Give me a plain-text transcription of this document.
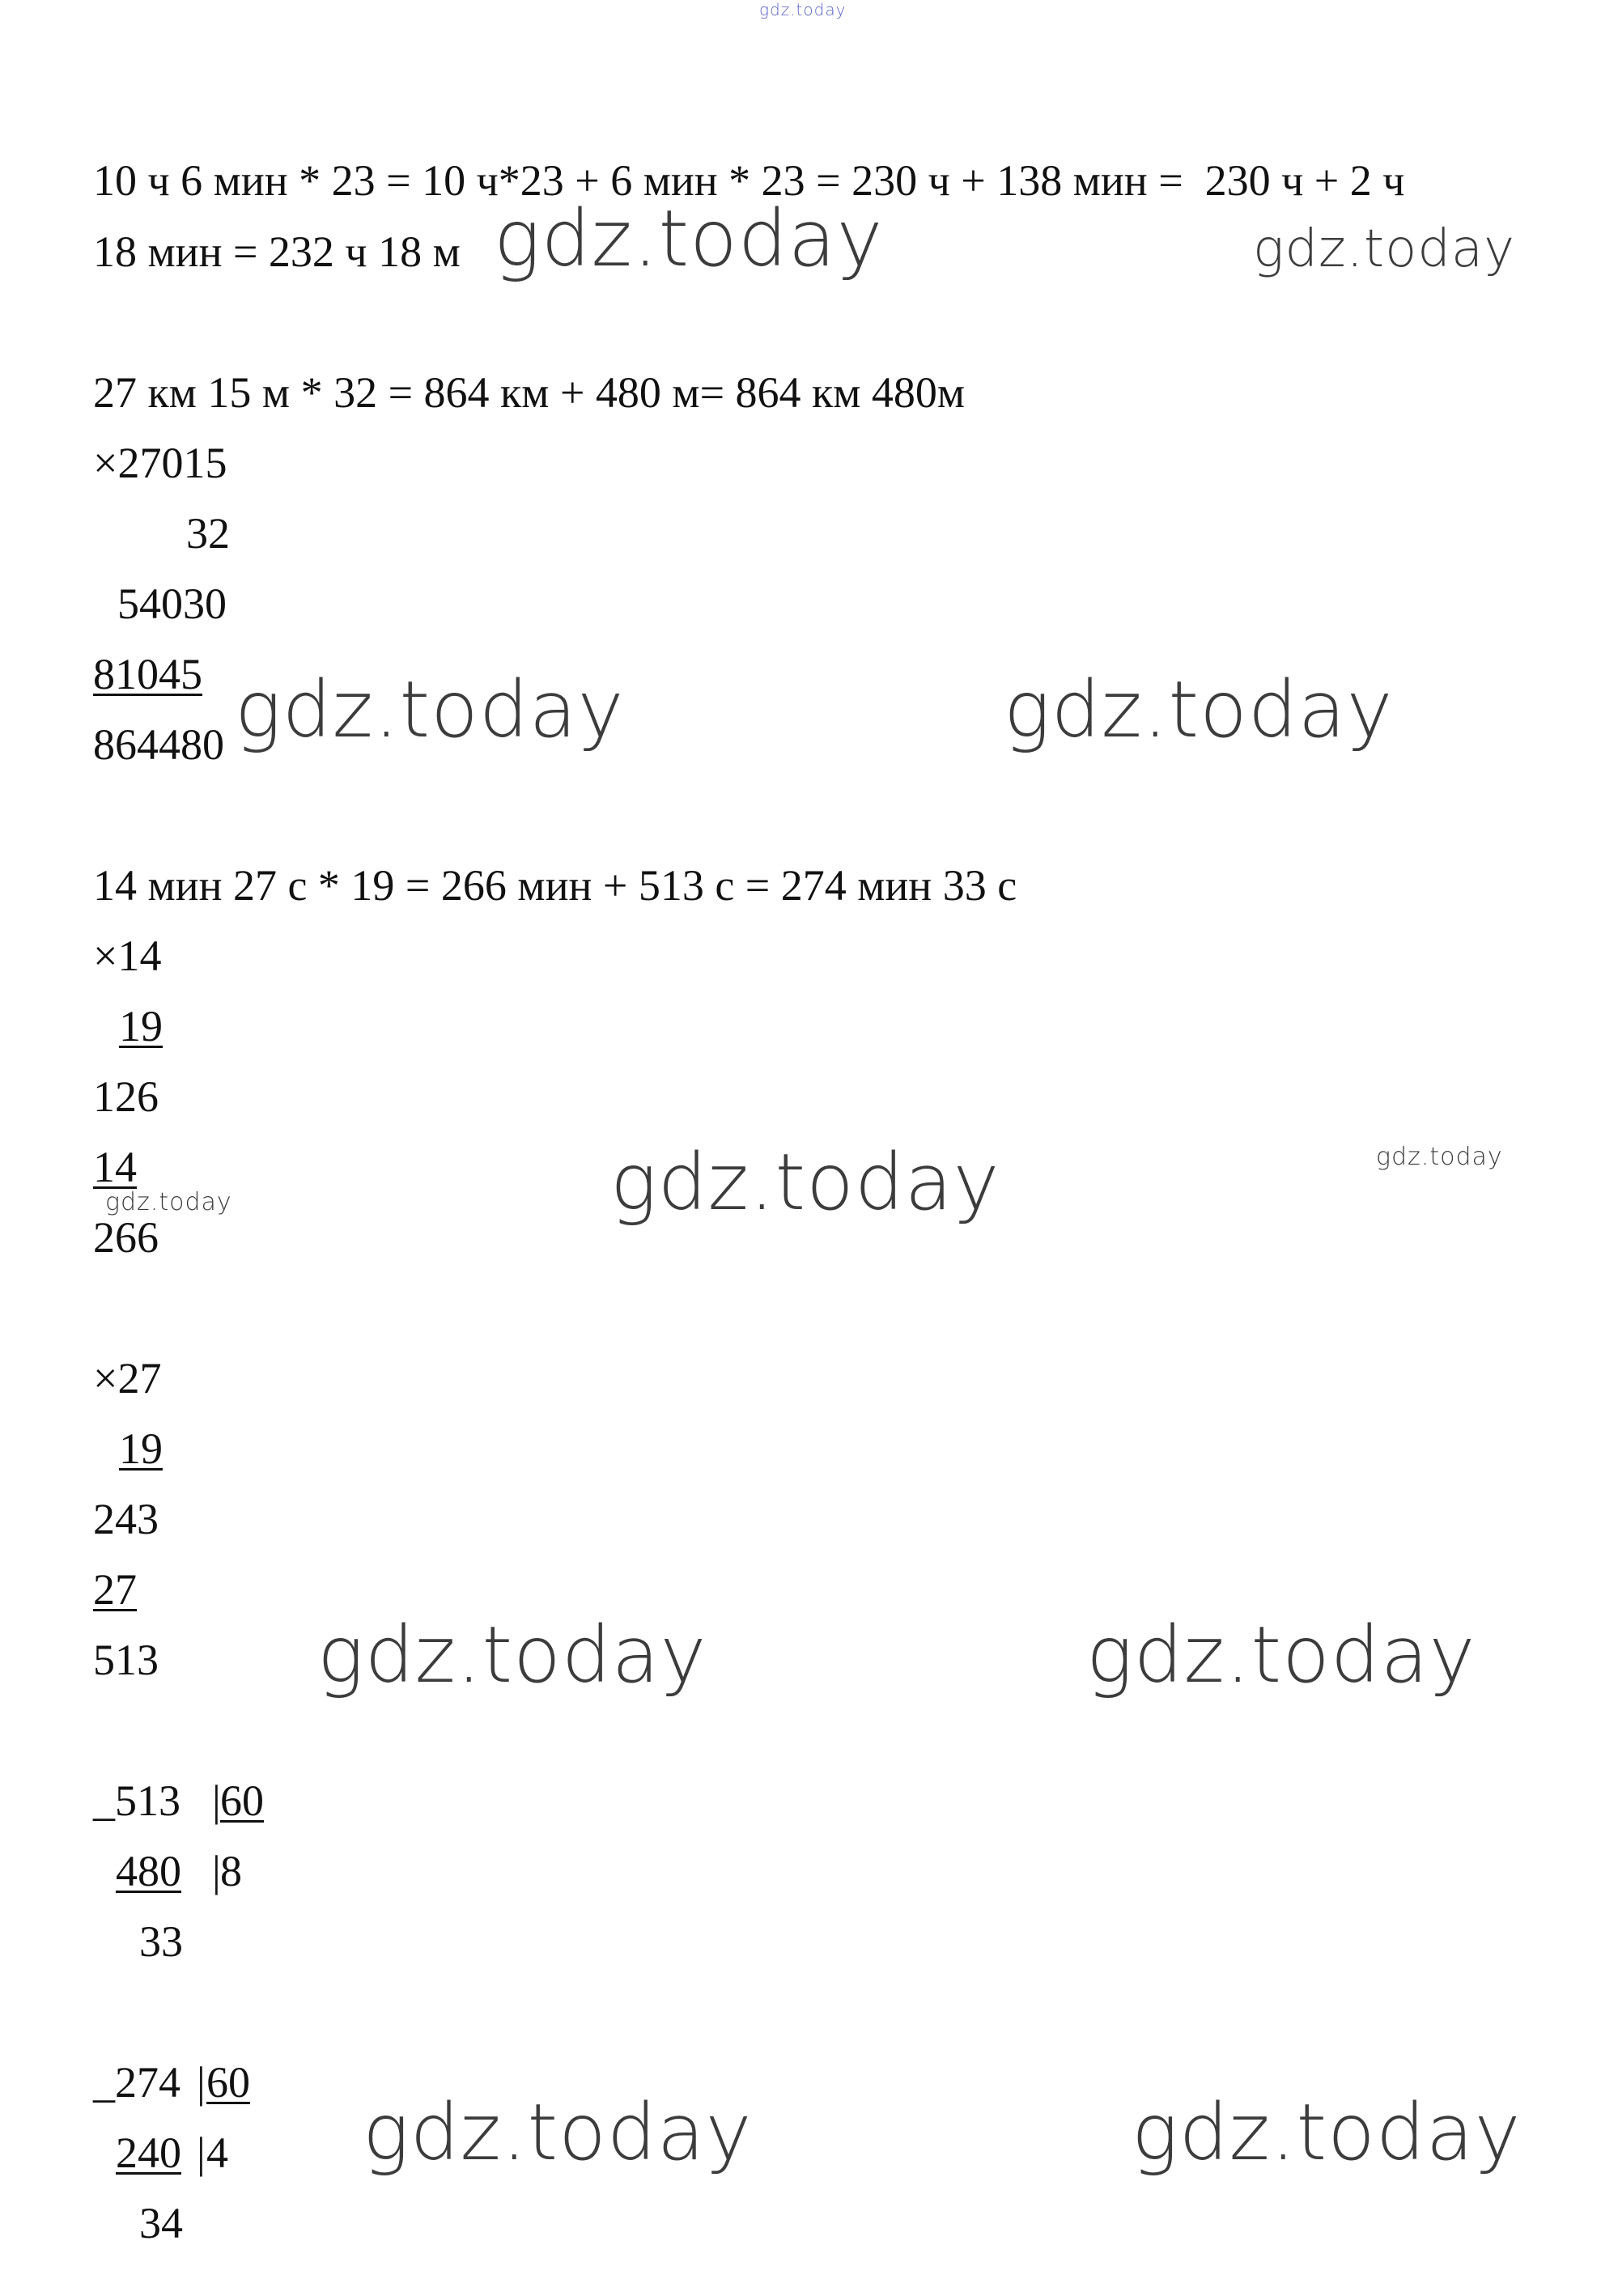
gdz.today
10 ч 6 мин * 23 = 10 ч*23 + 6 мин * 23 = 230 ч + 138 мин =  230 ч + 2 ч
18 мин = 232 ч 18 м gdz.today	gdz.today
27 км 15 м * 32 = 864 км + 480 м= 864 км 480м
×27015
32
54030
81045
864480 gdz.today	gdz.today
14 мин 27 с * 19 = 266 мин + 513 с = 274 мин 33 с
×14
19
126
14
gdz.today
266
gdz.today	gdz.today
×27
19
243
27
513 gdz.today	gdz.today
_513 | 60
480 | 8
33
_274 | 60
240 | 4
34
gdz.today	gdz.today
